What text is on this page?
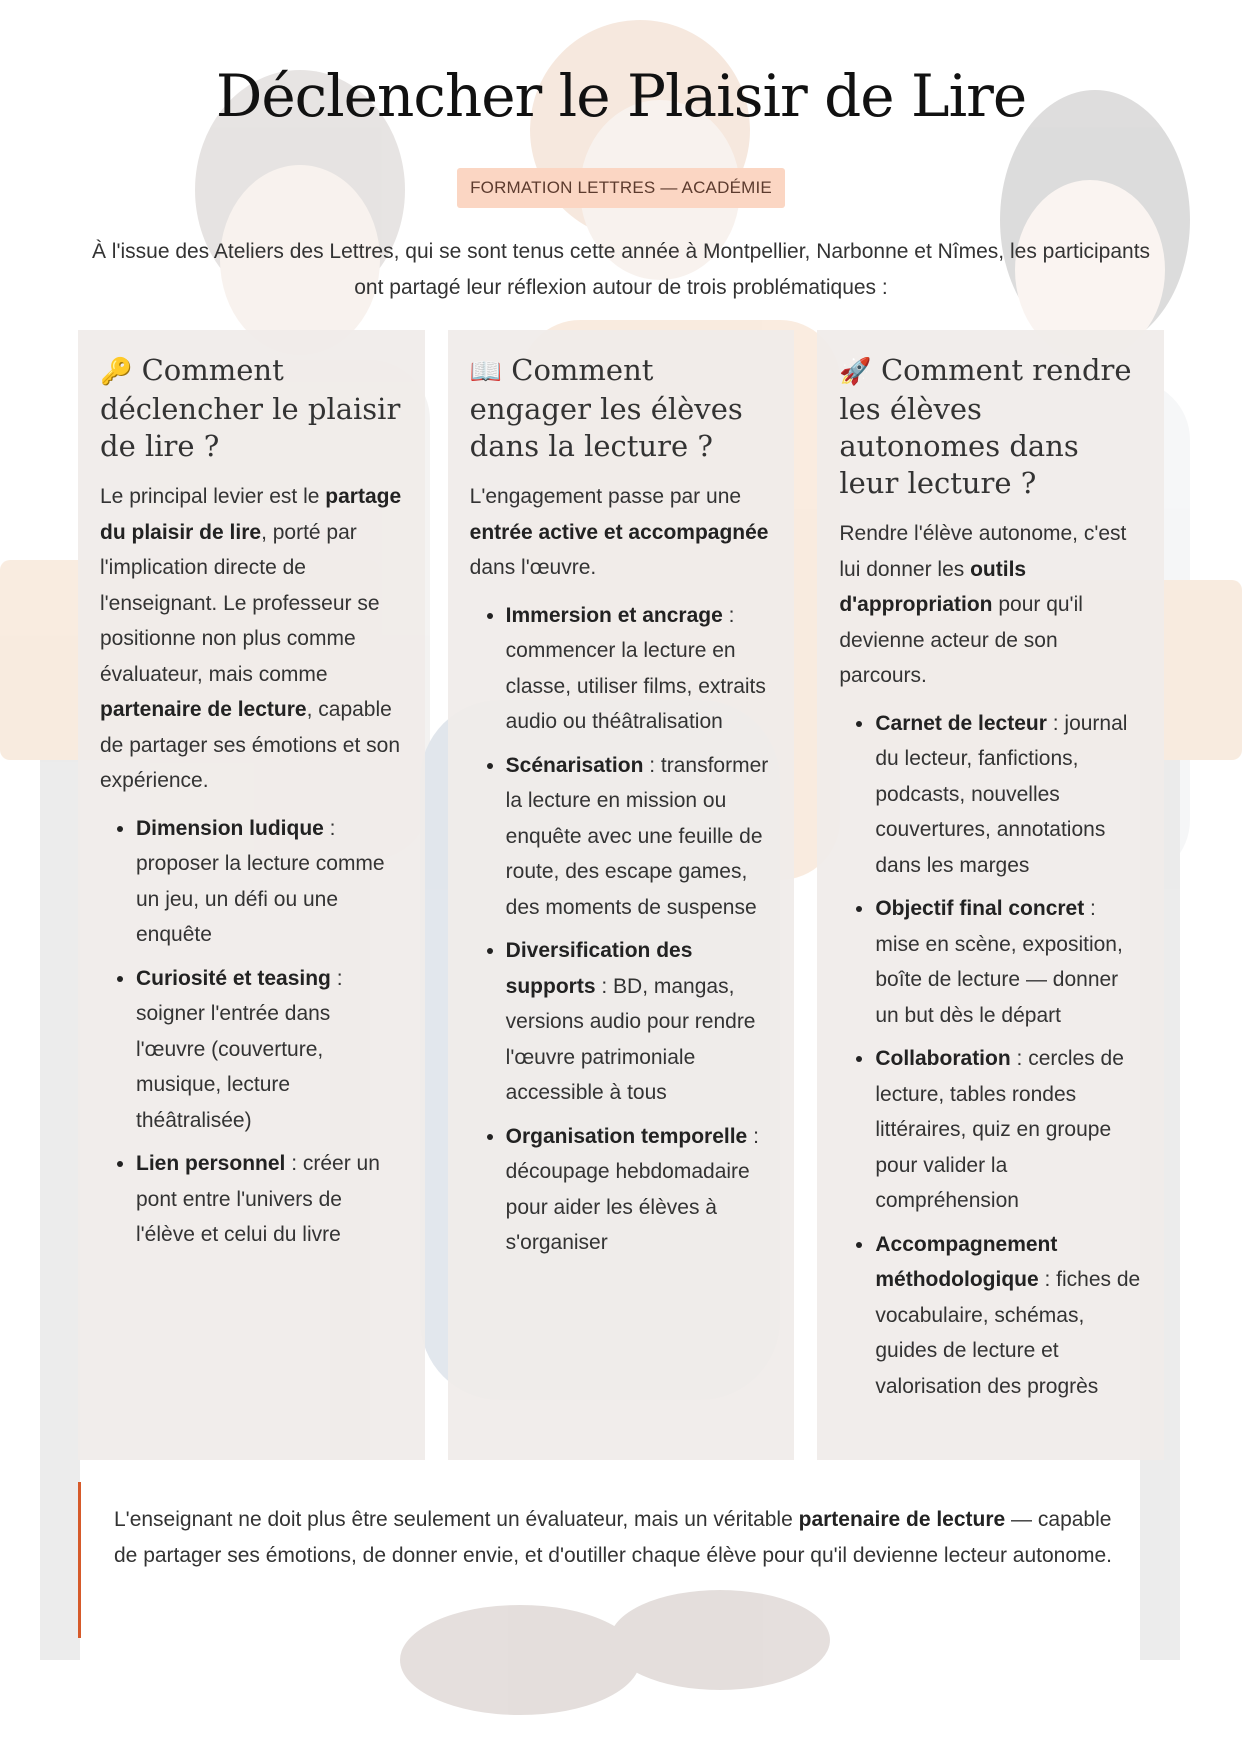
Déclencher le Plaisir de Lire
FORMATION LETTRES — ACADÉMIE

À l'issue des Ateliers des Lettres, qui se sont tenus cette année à Montpellier, Narbonne et Nîmes, les participants ont partagé leur réflexion autour de trois problématiques :

🔑 Comment déclencher le plaisir de lire ?

Le principal levier est le partage du plaisir de lire, porté par l'implication directe de l'enseignant. Le professeur se positionne non plus comme évaluateur, mais comme partenaire de lecture, capable de partager ses émotions et son expérience.

• Dimension ludique : proposer la lecture comme un jeu, un défi ou une enquête
• Curiosité et teasing : soigner l'entrée dans l'œuvre (couverture, musique, lecture théâtralisée)
• Lien personnel : créer un pont entre l'univers de l'élève et celui du livre
📖 Comment engager les élèves dans la lecture ?

L'engagement passe par une entrée active et accompagnée dans l'œuvre.

• Immersion et ancrage : commencer la lecture en classe, utiliser films, extraits audio ou théâtralisation
• Scénarisation : transformer la lecture en mission ou enquête avec une feuille de route, des escape games, des moments de suspense
• Diversification des supports : BD, mangas, versions audio pour rendre l'œuvre patrimoniale accessible à tous
• Organisation temporelle : découpage hebdomadaire pour aider les élèves à s'organiser
🚀 Comment rendre les élèves autonomes dans leur lecture ?

Rendre l'élève autonome, c'est lui donner les outils d'appropriation pour qu'il devienne acteur de son parcours.

• Carnet de lecteur : journal du lecteur, fanfictions, podcasts, nouvelles couvertures, annotations dans les marges
• Objectif final concret : mise en scène, exposition, boîte de lecture — donner un but dès le départ
• Collaboration : cercles de lecture, tables rondes littéraires, quiz en groupe pour valider la compréhension
• Accompagnement méthodologique : fiches de vocabulaire, schémas, guides de lecture et valorisation des progrès
L'enseignant ne doit plus être seulement un évaluateur, mais un véritable partenaire de lecture — capable de partager ses émotions, de donner envie, et d'outiller chaque élève pour qu'il devienne lecteur autonome.
